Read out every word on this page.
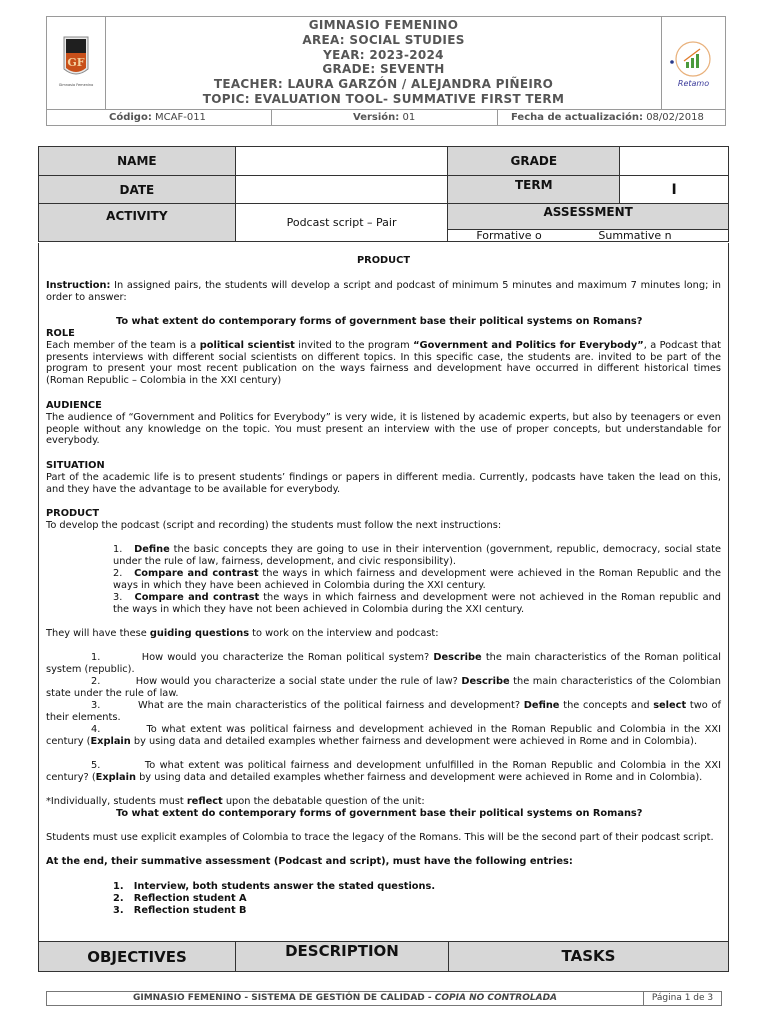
GF
Gimnasio Femenino
GIMNASIO FEMENINO
AREA: SOCIAL STUDIES
YEAR: 2023-2024
GRADE: SEVENTH
TEACHER: LAURA GARZÓN / ALEJANDRA PIÑEIRO
TOPIC: EVALUATION TOOL- SUMMATIVE FIRST TERM
Retamo
Código: MCAF-011	Versión: 01	Fecha de actualización: 08/02/2018
NAME		GRADE	
DATE		TERM	I
ACTIVITY	Podcast script – Pair	ASSESSMENT	

		Formative o Summative n	
PRODUCT
Instruction: In assigned pairs, the students will develop a script and podcast of minimum 5 minutes and maximum 7 minutes long; in order to answer:
To what extent do contemporary forms of government base their political systems on Romans?
ROLE
Each member of the team is a political scientist invited to the program “Government and Politics for Everybody”, a Podcast that presents interviews with different social scientists on different topics. In this specific case, the students are. invited to be part of the program to present your most recent publication on the ways fairness and development have occurred in different historical times (Roman Republic – Colombia in the XXI century)
AUDIENCE
The audience of “Government and Politics for Everybody” is very wide, it is listened by academic experts, but also by teenagers or even people without any knowledge on the topic. You must present an interview with the use of proper concepts, but understandable for everybody.
SITUATION
Part of the academic life is to present students’ findings or papers in different media. Currently, podcasts have taken the lead on this, and they have the advantage to be available for everybody.
PRODUCT
To develop the podcast (script and recording) the students must follow the next instructions:
1. Define the basic concepts they are going to use in their intervention (government, republic, democracy, social state under the rule of law, fairness, development, and civic responsibility).
2. Compare and contrast the ways in which fairness and development were achieved in the Roman Republic and the ways in which they have been achieved in Colombia during the XXI century.
3. Compare and contrast the ways in which fairness and development were not achieved in the Roman republic and the ways in which they have not been achieved in Colombia during the XXI century.
They will have these guiding questions to work on the interview and podcast:
1.	How would you characterize the Roman political system? Describe the main characteristics of the Roman political system (republic).
2.	How would you characterize a social state under the rule of law? Describe the main characteristics of the Colombian state under the rule of law.
3.	What are the main characteristics of the political fairness and development? Define the concepts and select two of their elements.
4.	To what extent was political fairness and development achieved in the Roman Republic and Colombia in the XXI century (Explain by using data and detailed examples whether fairness and development were achieved in Rome and in Colombia).
5.	To what extent was political fairness and development unfulfilled in the Roman Republic and Colombia in the XXI century? (Explain by using data and detailed examples whether fairness and development were achieved in Rome and in Colombia).
*Individually, students must reflect upon the debatable question of the unit:
To what extent do contemporary forms of government base their political systems on Romans?
Students must use explicit examples of Colombia to trace the legacy of the Romans. This will be the second part of their podcast script.
At the end, their summative assessment (Podcast and script), must have the following entries:
1. Interview, both students answer the stated questions.
2. Reflection student A
3. Reflection student B
OBJECTIVES	DESCRIPTION	TASKS
GIMNASIO FEMENINO - SISTEMA DE GESTIÓN DE CALIDAD - COPIA NO CONTROLADA	Página 1 de 3
